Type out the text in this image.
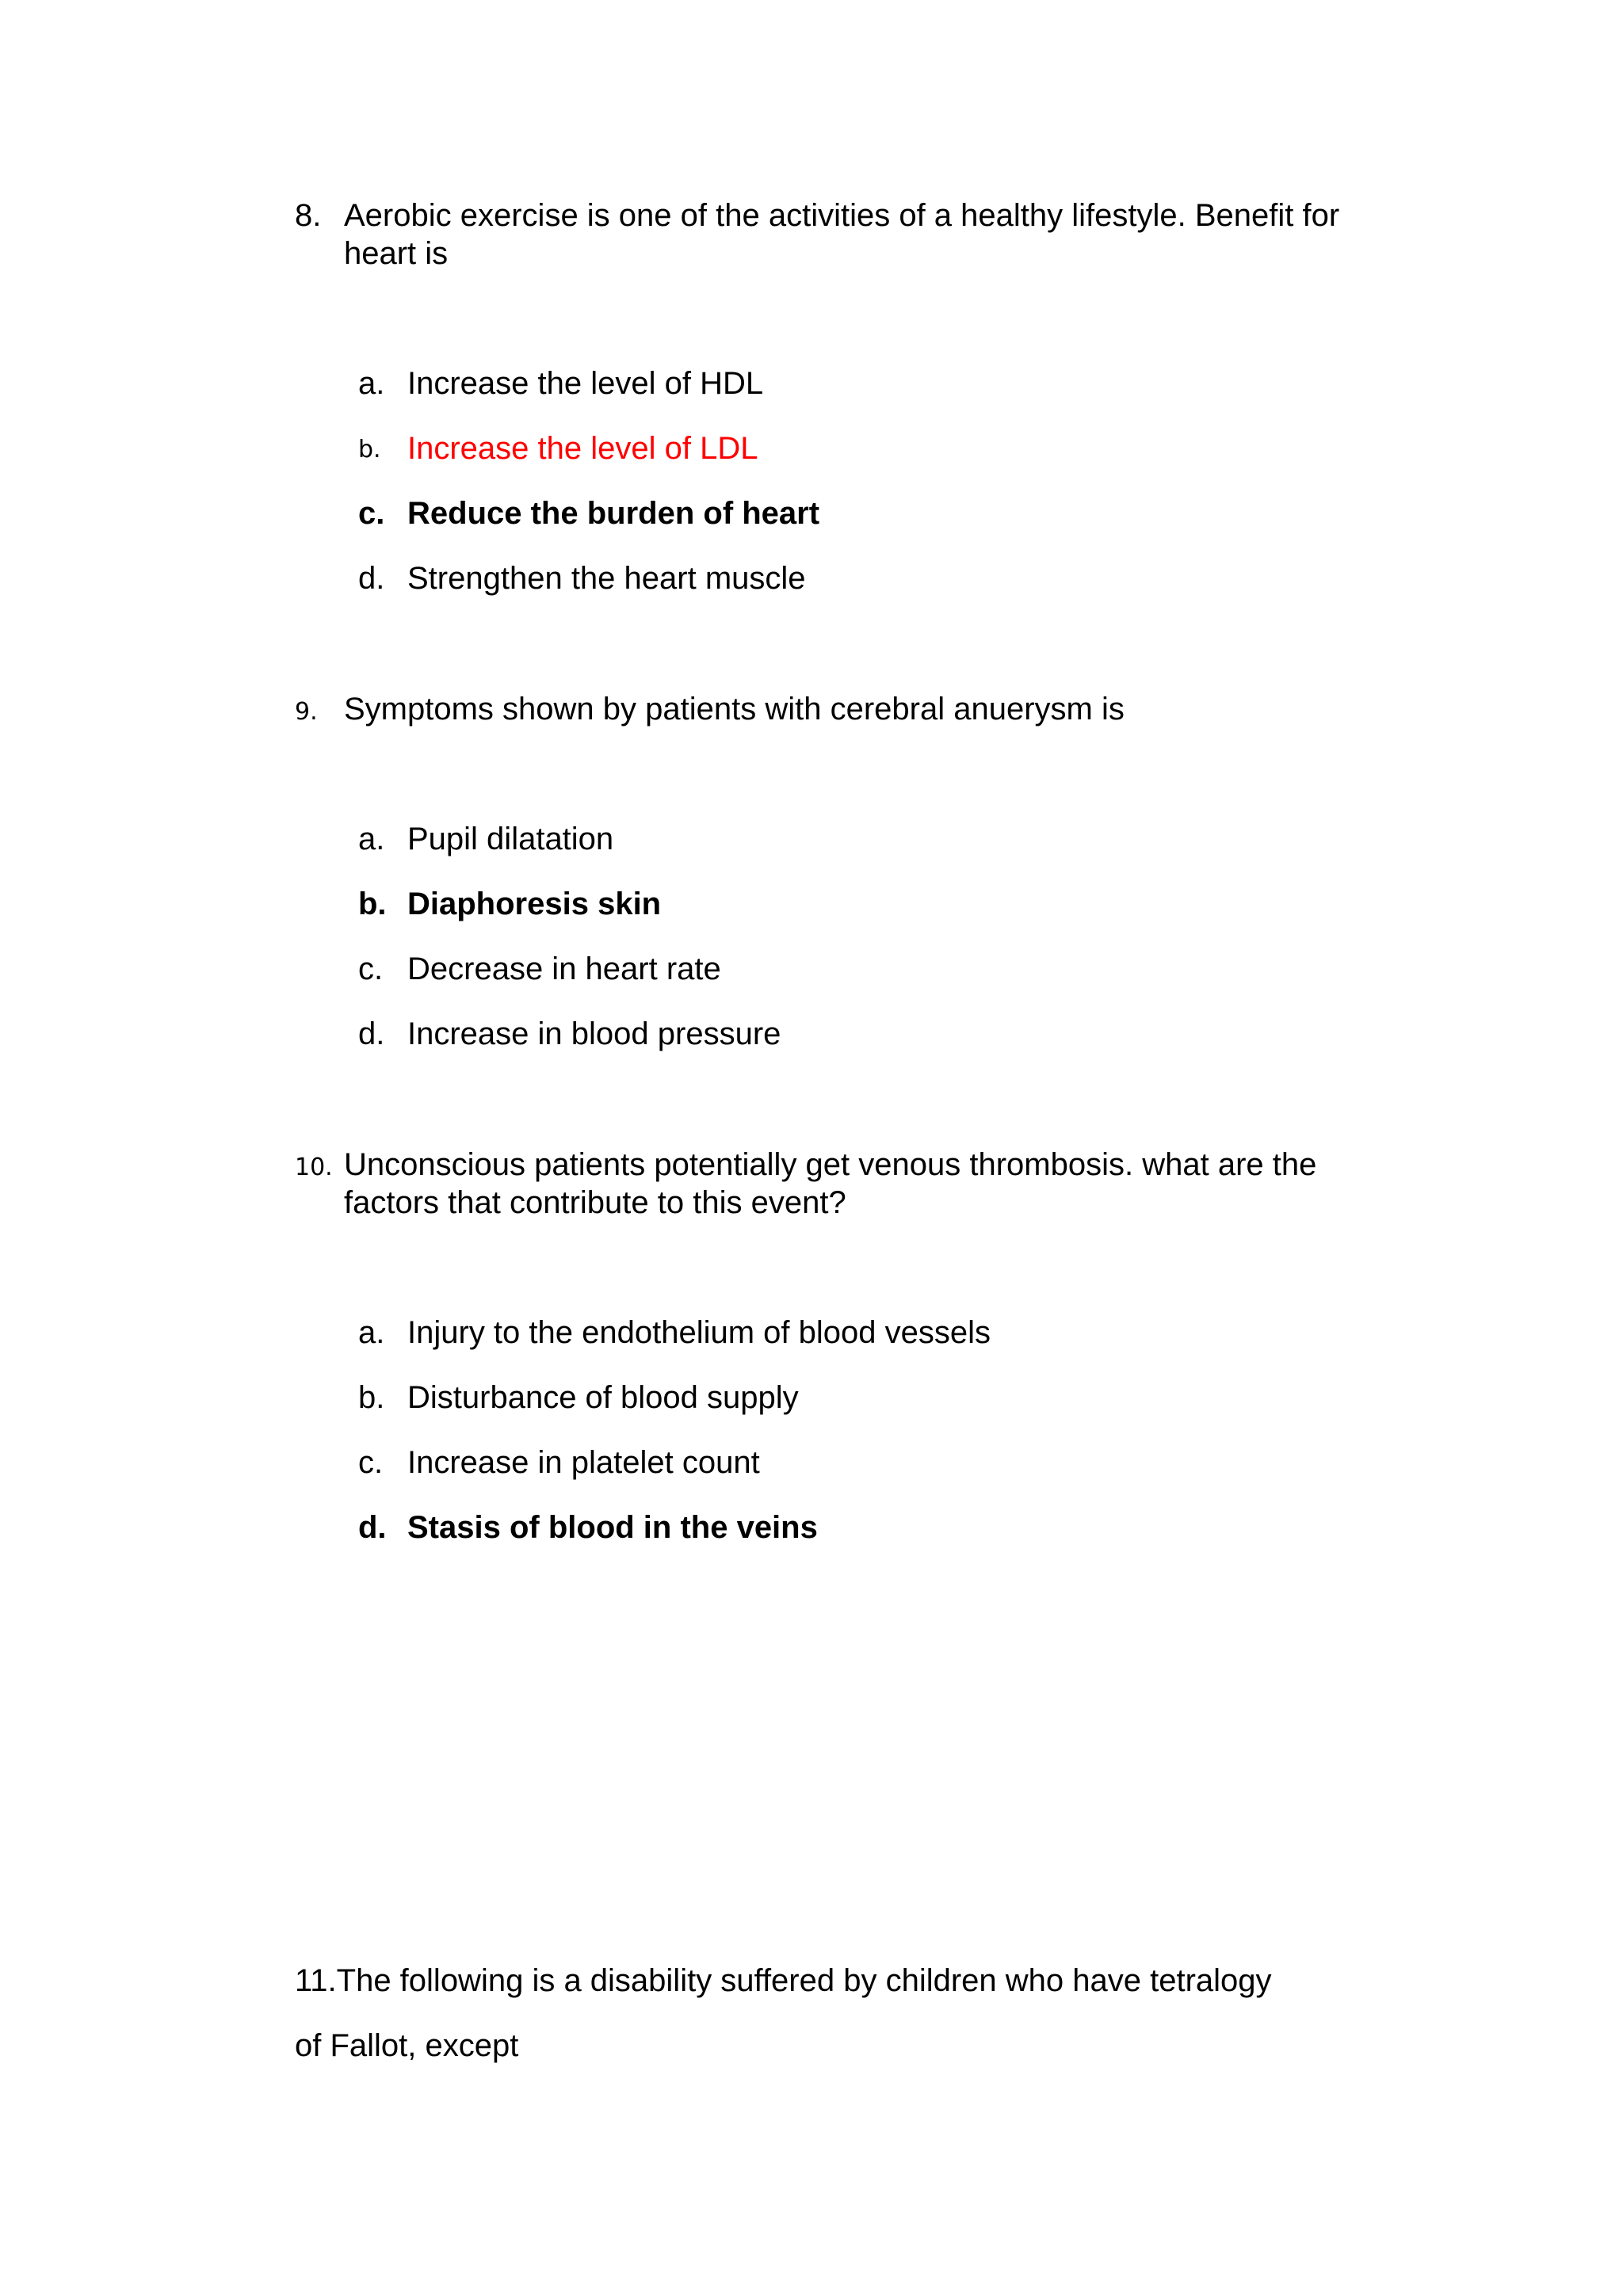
8. Aerobic exercise is one of the activities of a healthy lifestyle. Benefit for heart is
a. Increase the level of HDL
b. Increase the level of LDL
c. Reduce the burden of heart
d. Strengthen the heart muscle
9. Symptoms shown by patients with cerebral anuerysm is
a. Pupil dilatation
b. Diaphoresis skin
c. Decrease in heart rate
d. Increase in blood pressure
10. Unconscious patients potentially get venous thrombosis. what are the factors that contribute to this event?
a. Injury to the endothelium of blood vessels
b. Disturbance of blood supply
c. Increase in platelet count
d. Stasis of blood in the veins
11.The following is a disability suffered by children who have tetralogy
of Fallot, except
